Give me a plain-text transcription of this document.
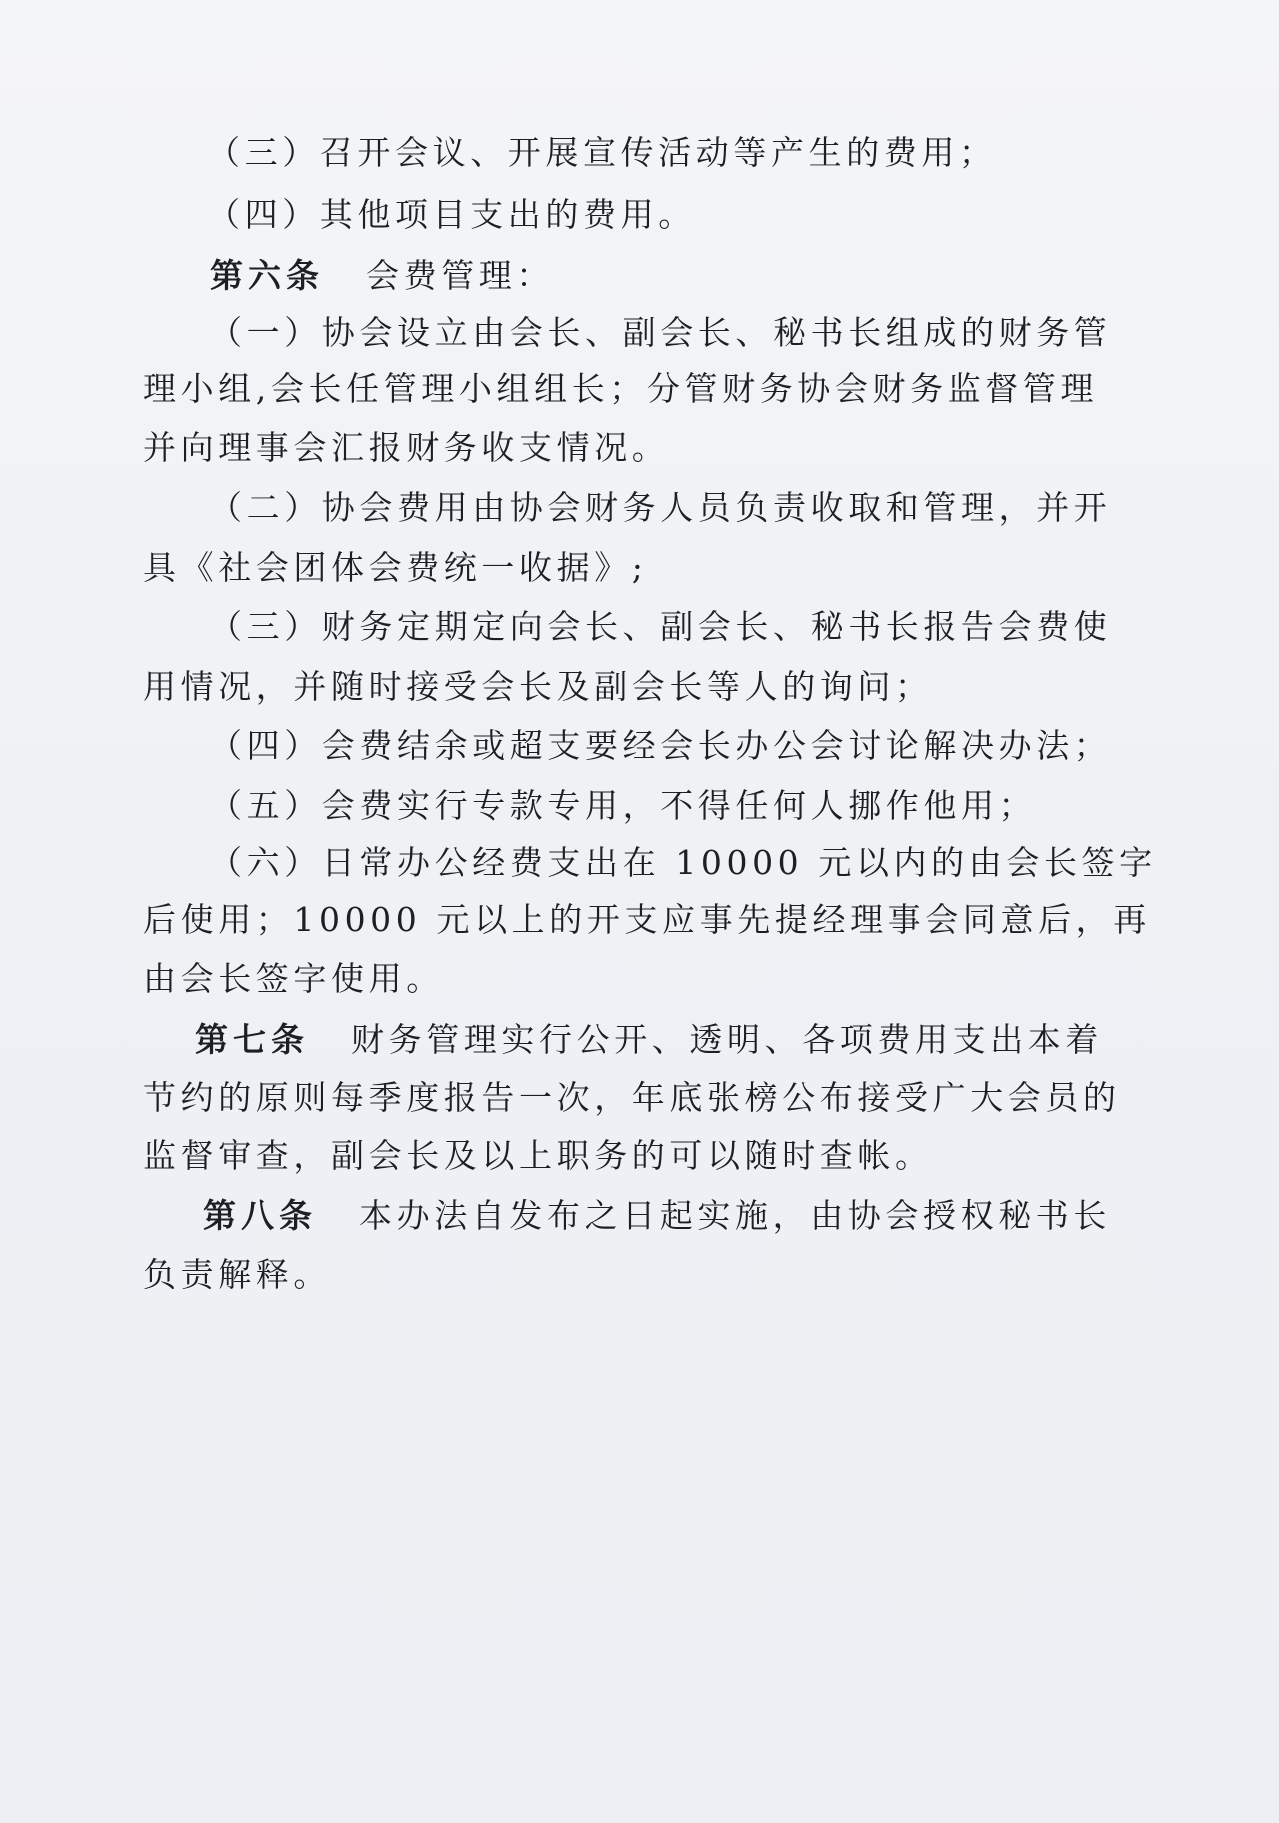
（三）召开会议、开展宣传活动等产生的费用；
（四）其他项目支出的费用。
第六条 会费管理：
（一）协会设立由会长、副会长、秘书长组成的财务管
理小组,会长任管理小组组长；分管财务协会财务监督管理
并向理事会汇报财务收支情况。
（二）协会费用由协会财务人员负责收取和管理，并开
具《社会团体会费统一收据》;
（三）财务定期定向会长、副会长、秘书长报告会费使
用情况，并随时接受会长及副会长等人的询问；
（四）会费结余或超支要经会长办公会讨论解决办法；
（五）会费实行专款专用，不得任何人挪作他用；
（六）日常办公经费支出在 10000 元以内的由会长签字
后使用；10000 元以上的开支应事先提经理事会同意后，再
由会长签字使用。
第七条 财务管理实行公开、透明、各项费用支出本着
节约的原则每季度报告一次，年底张榜公布接受广大会员的
监督审查，副会长及以上职务的可以随时查帐。
第八条 本办法自发布之日起实施，由协会授权秘书长
负责解释。
